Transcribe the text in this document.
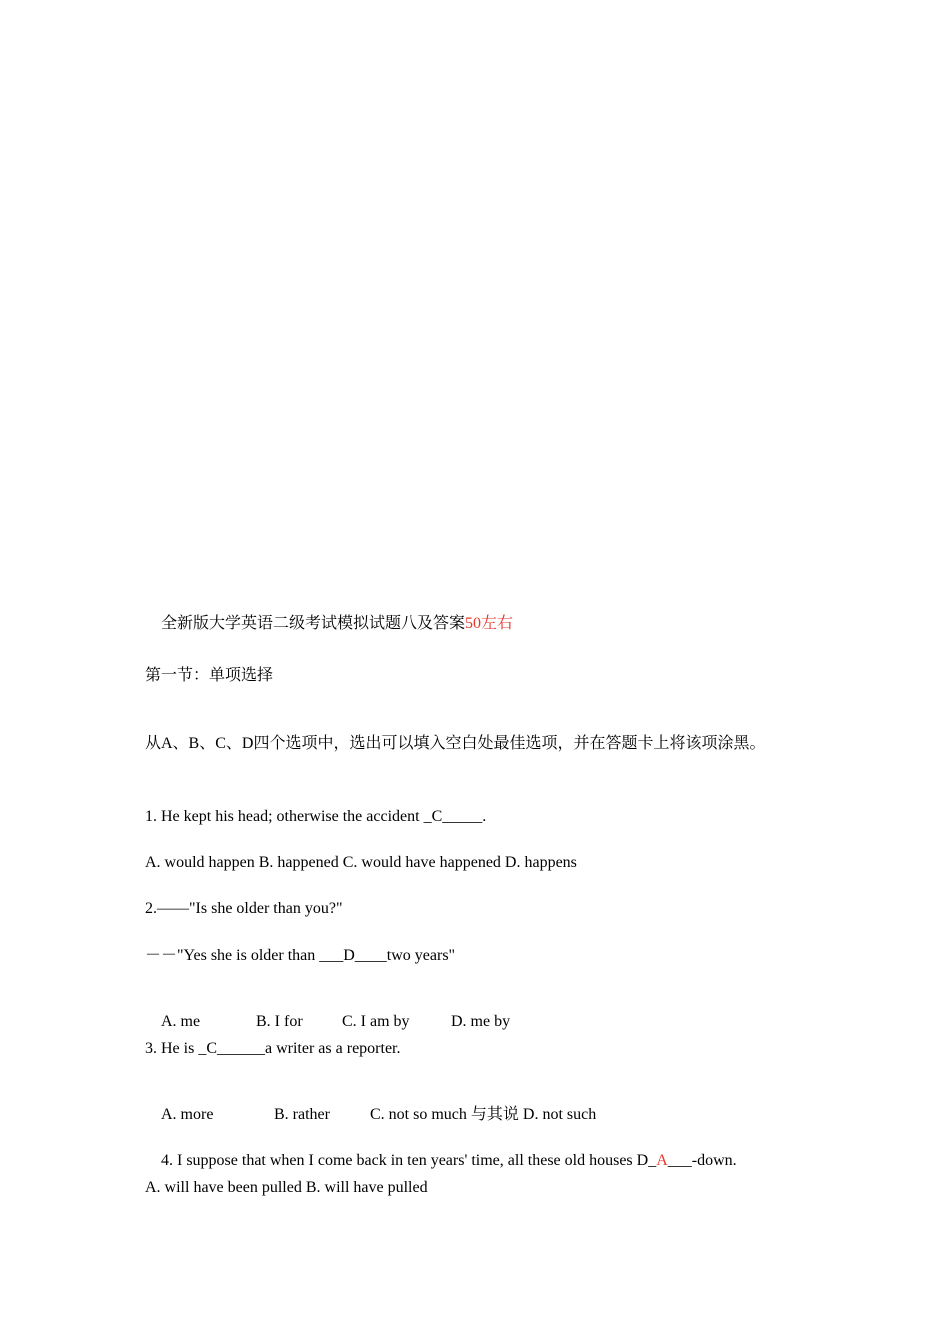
全新版大学英语二级考试模拟试题八及答案50左右

第一节：单项选择
从A、B、C、D四个选项中，选出可以填入空白处最佳选项，并在答题卡上将该项涂黑。
1. He kept his head; otherwise the accident _C_____.
A. would happen B. happened C. would have happened D. happens
2.——"Is she older than you?"
－－"Yes she is older than ___D____two years"

A. me	B. I for C. I am by	D. me by

3. He is _C______a writer as a reporter.

A. more	B. rather	C. not so much 与其说 D. not such

4. I suppose that when I come back in ten years' time, all these old houses D_A___-down.

A. will have been pulled B. will have pulled
